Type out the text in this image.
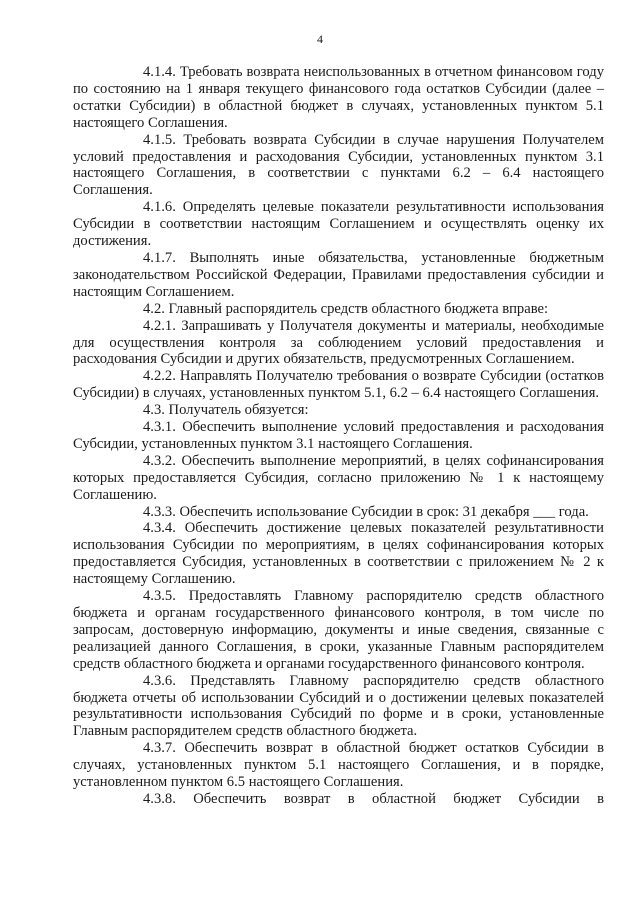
4

4.1.4. Требовать возврата неиспользованных в отчетном финансовом году по состоянию на 1 января текущего финансового года остатков Субсидии (далее – остатки Субсидии) в областной бюджет в случаях, установленных пунктом 5.1 настоящего Соглашения.

4.1.5. Требовать возврата Субсидии в случае нарушения Получателем условий предоставления и расходования Субсидии, установленных пунктом 3.1 настоящего Соглашения, в соответствии с пунктами 6.2 – 6.4 настоящего Соглашения.

4.1.6. Определять целевые показатели результативности использования Субсидии в соответствии настоящим Соглашением и осуществлять оценку их достижения.

4.1.7. Выполнять иные обязательства, установленные бюджетным законодательством Российской Федерации, Правилами предоставления субсидии и настоящим Соглашением.

4.2. Главный распорядитель средств областного бюджета вправе:

4.2.1. Запрашивать у Получателя документы и материалы, необходимые для осуществления контроля за соблюдением условий предоставления и расходования Субсидии и других обязательств, предусмотренных Соглашением.

4.2.2. Направлять Получателю требования о возврате Субсидии (остатков Субсидии) в случаях, установленных пунктом 5.1, 6.2 – 6.4 настоящего Соглашения.

4.3. Получатель обязуется:

4.3.1. Обеспечить выполнение условий предоставления и расходования Субсидии, установленных пунктом 3.1 настоящего Соглашения.

4.3.2. Обеспечить выполнение мероприятий, в целях софинансирования которых предоставляется Субсидия, согласно приложению № 1 к настоящему Соглашению.

4.3.3. Обеспечить использование Субсидии в срок: 31 декабря ___ года.

4.3.4. Обеспечить достижение целевых показателей результативности использования Субсидии по мероприятиям, в целях софинансирования которых предоставляется Субсидия, установленных в соответствии с приложением № 2 к настоящему Соглашению.

4.3.5. Предоставлять Главному распорядителю средств областного бюджета и органам государственного финансового контроля, в том числе по запросам, достоверную информацию, документы и иные сведения, связанные с реализацией данного Соглашения, в сроки, указанные Главным распорядителем средств областного бюджета и органами государственного финансового контроля.

4.3.6. Представлять Главному распорядителю средств областного бюджета отчеты об использовании Субсидий и о достижении целевых показателей результативности использования Субсидий по форме и в сроки, установленные Главным распорядителем средств областного бюджета.

4.3.7. Обеспечить возврат в областной бюджет остатков Субсидии в случаях, установленных пунктом 5.1 настоящего Соглашения, и в порядке, установленном пунктом 6.5 настоящего Соглашения.

4.3.8. Обеспечить возврат в областной бюджет Субсидии в
